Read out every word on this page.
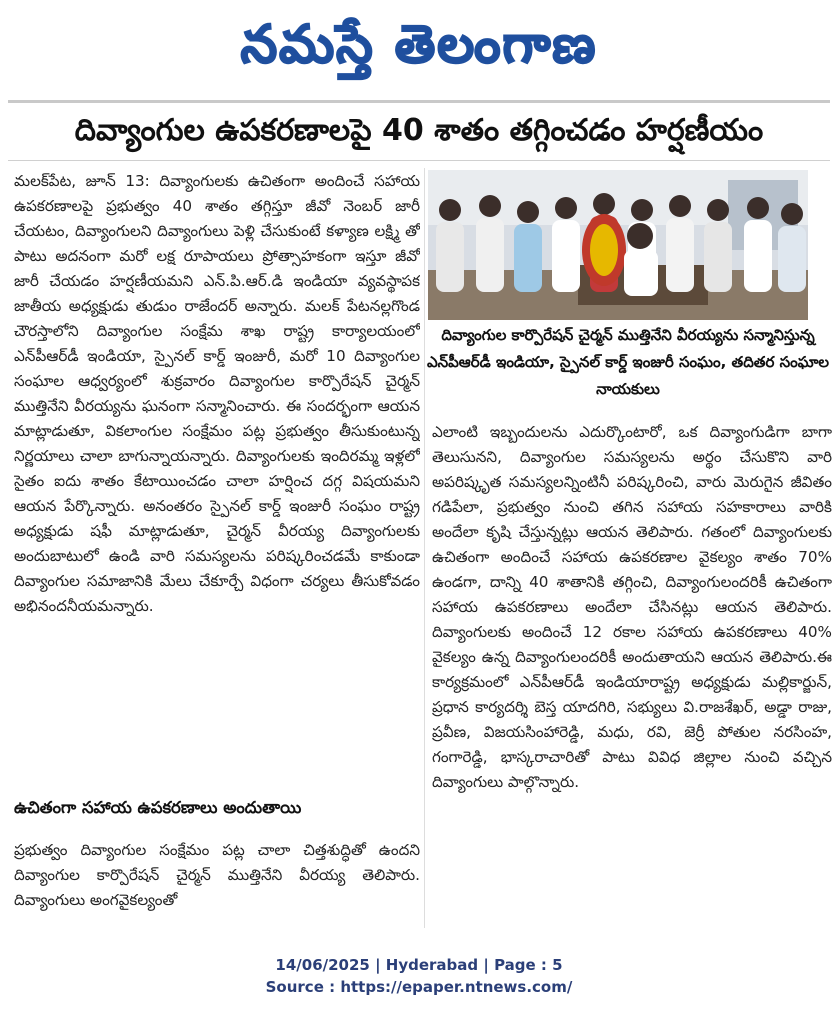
నమస్తే తెలంగాణ
దివ్యాంగుల ఉపకరణాలపై 40 శాతం తగ్గించడం హర్షణీయం
మలక్‌పేట, జూన్ 13: దివ్యాంగులకు ఉచితంగా అందించే సహాయ ఉపకరణాలపై ప్రభుత్వం 40 శాతం తగ్గిస్తూ జీవో నెంబర్ జారీ చేయటం, దివ్యాంగులని దివ్యాంగులు పెళ్లి చేసుకుంటే కళ్యాణ లక్ష్మి తో పాటు అదనంగా మరో లక్ష రూపాయలు ప్రోత్సాహకంగా ఇస్తూ జీవో జారీ చేయడం హర్షణీయమని ఎన్.పి.ఆర్.డి ఇండియా వ్యవస్థాపక జాతీయ అధ్యక్షుడు తుడుం రాజేందర్ అన్నారు. మలక్ పేటనల్లగొండ చౌరస్తాలోని దివ్యాంగుల సంక్షేమ శాఖ రాష్ట్ర కార్యాలయంలో ఎన్‌పీఆర్‌డీ ఇండియా, స్పైనల్ కార్డ్ ఇంజురీ, మరో 10 దివ్యాంగుల సంఘాల ఆధ్వర్యంలో శుక్రవారం దివ్యాంగుల కార్పొరేషన్ చైర్మన్ ముత్తినేని వీరయ్యను ఘనంగా సన్మానించారు. ఈ సందర్భంగా ఆయన మాట్లాడుతూ, వికలాంగుల సంక్షేమం పట్ల ప్రభుత్వం తీసుకుంటున్న నిర్ణయాలు చాలా బాగున్నాయన్నారు. దివ్యాంగులకు ఇందిరమ్మ ఇళ్లలో సైతం ఐదు శాతం కేటాయించడం చాలా హర్షించ దగ్గ విషయమని ఆయన పేర్కొన్నారు. అనంతరం స్పైనల్ కార్డ్ ఇంజురీ సంఘం రాష్ట్ర అధ్యక్షుడు షఫీ మాట్లాడుతూ, చైర్మన్ వీరయ్య దివ్యాంగులకు అందుబాటులో ఉండి వారి సమస్యలను పరిష్కరించడమే కాకుండా దివ్యాంగుల సమాజానికి మేలు చేకూర్చే విధంగా చర్యలు తీసుకోవడం అభినందనీయమన్నారు.
ఉచితంగా సహాయ ఉపకరణాలు అందుతాయి
ప్రభుత్వం దివ్యాంగుల సంక్షేమం పట్ల చాలా చిత్తశుద్ధితో ఉందని దివ్యాంగుల కార్పొరేషన్ చైర్మన్ ముత్తినేని వీరయ్య తెలిపారు. దివ్యాంగులు అంగవైకల్యంతో
దివ్యాంగుల కార్పొరేషన్ చైర్మన్ ముత్తినేని వీరయ్యను సన్మానిస్తున్న ఎన్‌పీఆర్‌డీ ఇండియా, స్పైనల్ కార్డ్ ఇంజురీ సంఘం, తదితర సంఘాల నాయకులు
ఎలాంటి ఇబ్బందులను ఎదుర్కొంటారో, ఒక దివ్యాంగుడిగా బాగా తెలుసునని, దివ్యాంగుల సమస్యలను అర్థం చేసుకొని వారి అపరిష్కృత సమస్యలన్నింటినీ పరిష్కరించి, వారు మెరుగైన జీవితం గడిపేలా, ప్రభుత్వం నుంచి తగిన సహాయ సహకారాలు వారికి అందేలా కృషి చేస్తున్నట్లు ఆయన తెలిపారు. గతంలో దివ్యాంగులకు ఉచితంగా అందించే సహాయ ఉపకరణాల వైకల్యం శాతం 70% ఉండగా, దాన్ని 40 శాతానికి తగ్గించి, దివ్యాంగులందరికీ ఉచితంగా సహాయ ఉపకరణాలు అందేలా చేసినట్లు ఆయన తెలిపారు. దివ్యాంగులకు అందించే 12 రకాల సహాయ ఉపకరణాలు 40% వైకల్యం ఉన్న దివ్యాంగులందరికీ అందుతాయని ఆయన తెలిపారు.ఈ కార్యక్రమంలో ఎన్‌పీఆర్‌డీ ఇండియారాష్ట్ర అధ్యక్షుడు మల్లికార్జున్, ప్రధాన కార్యదర్శి బెస్త యాదగిరి, సభ్యులు వి.రాజశేఖర్, అడ్డా రాజు, ప్రవీణ, విజయసింహారెడ్డి, మధు, రవి, జెర్రీ పోతుల నరసింహ, గంగారెడ్డి, భాస్కరాచారితో పాటు వివిధ జిల్లాల నుంచి వచ్చిన దివ్యాంగులు పాల్గొన్నారు.
14/06/2025 | Hyderabad | Page : 5
Source : https://epaper.ntnews.com/
